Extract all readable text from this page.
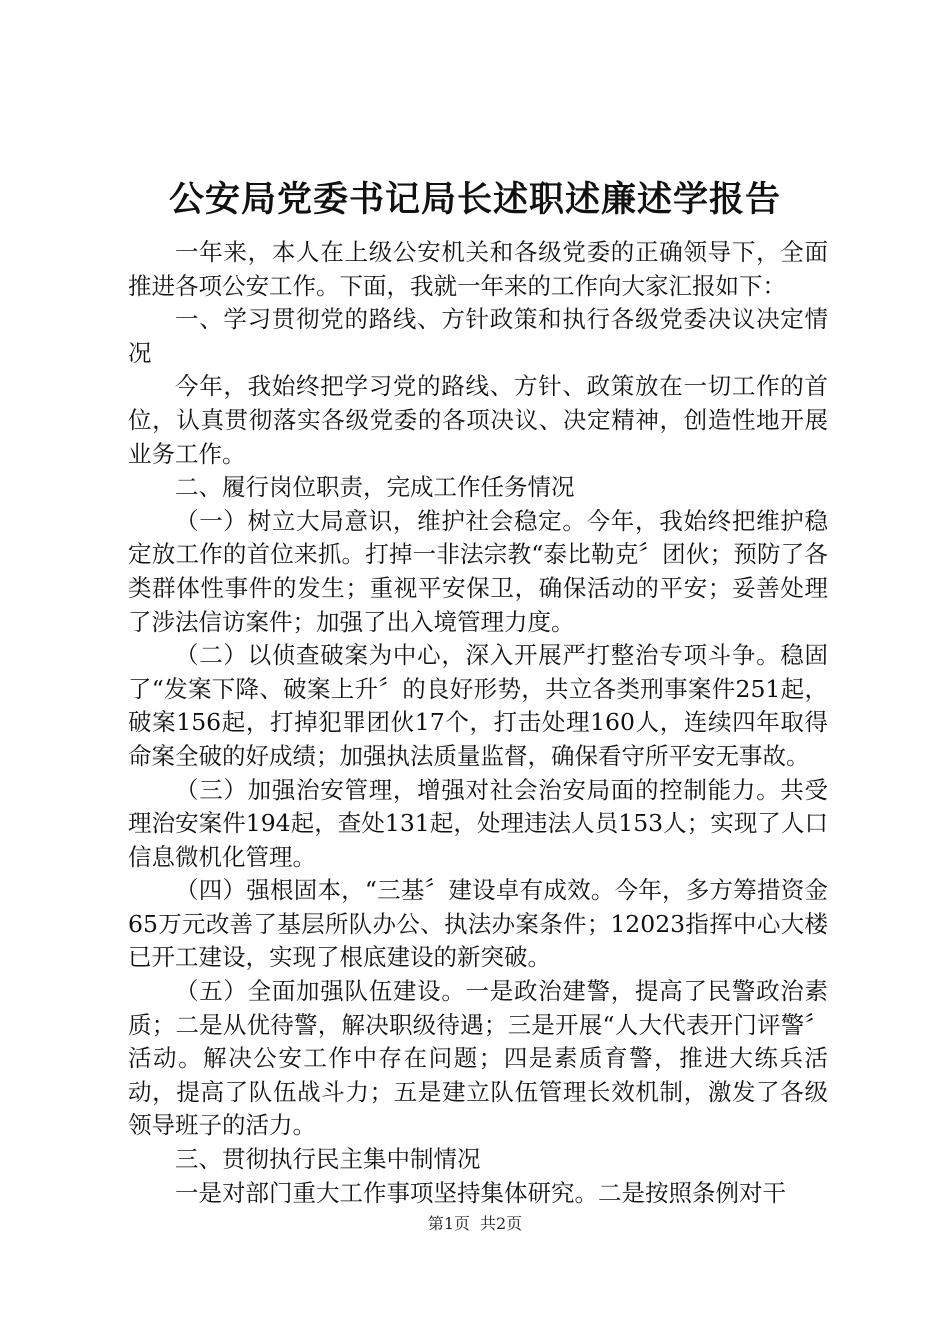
公安局党委书记局长述职述廉述学报告

一年来，本人在上级公安机关和各级党委的正确领导下，全面推进各项公安工作。下面，我就一年来的工作向大家汇报如下：

一、学习贯彻党的路线、方针政策和执行各级党委决议决定情况

今年，我始终把学习党的路线、方针、政策放在一切工作的首位，认真贯彻落实各级党委的各项决议、决定精神，创造性地开展业务工作。

二、履行岗位职责，完成工作任务情况

（一）树立大局意识，维护社会稳定。今年，我始终把维护稳定放工作的首位来抓。打掉一非法宗教“泰比勒克〞团伙；预防了各类群体性事件的发生；重视平安保卫，确保活动的平安；妥善处理了涉法信访案件；加强了出入境管理力度。

（二）以侦查破案为中心，深入开展严打整治专项斗争。稳固了“发案下降、破案上升〞的良好形势，共立各类刑事案件251起，破案156起，打掉犯罪团伙17个，打击处理160人，连续四年取得命案全破的好成绩；加强执法质量监督，确保看守所平安无事故。

（三）加强治安管理，增强对社会治安局面的控制能力。共受理治安案件194起，查处131起，处理违法人员153人；实现了人口信息微机化管理。

（四）强根固本，“三基〞建设卓有成效。今年，多方筹措资金65万元改善了基层所队办公、执法办案条件；12023指挥中心大楼已开工建设，实现了根底建设的新突破。

（五）全面加强队伍建设。一是政治建警，提高了民警政治素质；二是从优待警，解决职级待遇；三是开展“人大代表开门评警〞活动。解决公安工作中存在问题；四是素质育警，推进大练兵活动，提高了队伍战斗力；五是建立队伍管理长效机制，激发了各级领导班子的活力。

三、贯彻执行民主集中制情况

一是对部门重大工作事项坚持集体研究。二是按照条例对干

第1页 共2页
